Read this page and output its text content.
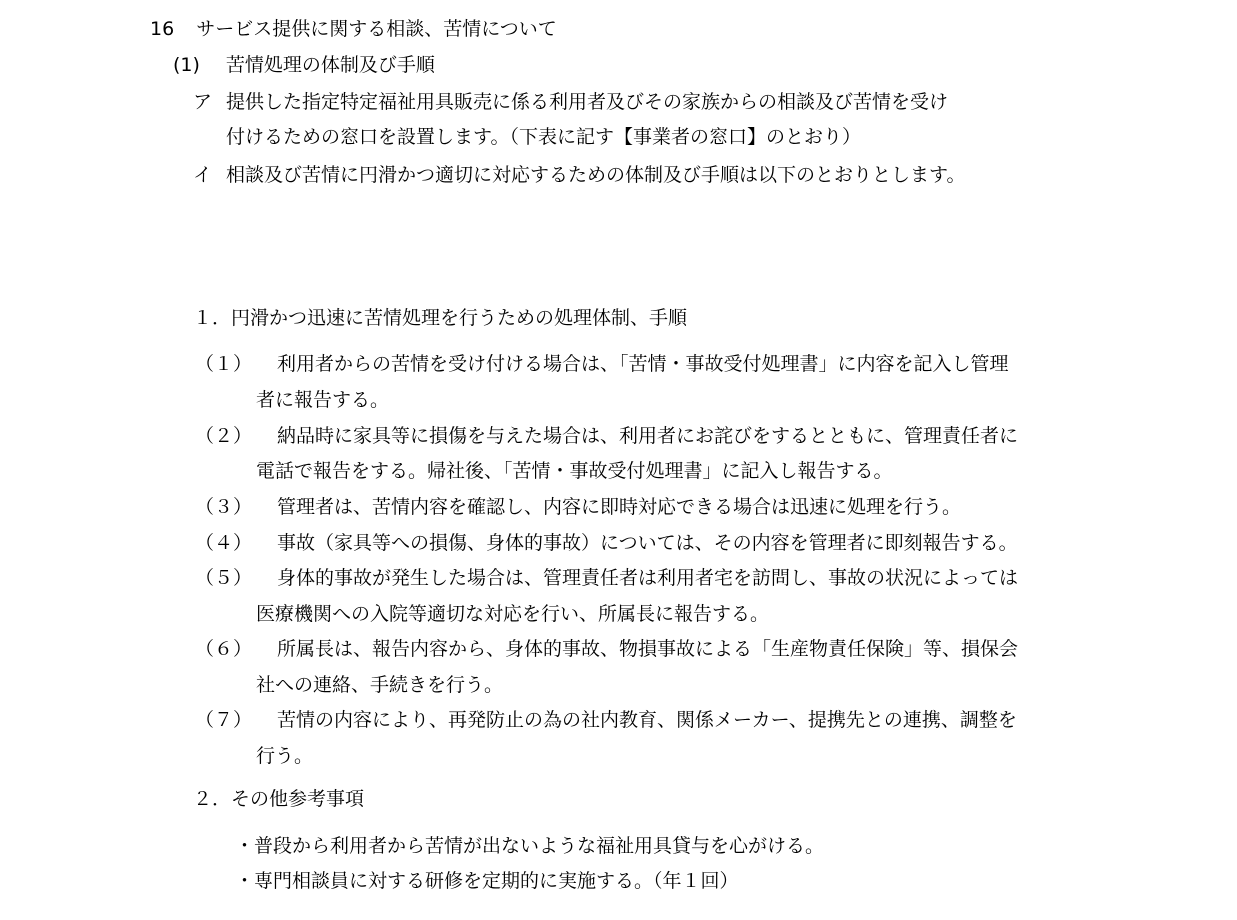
16 サービス提供に関する相談、苦情について
(1) 苦情処理の体制及び手順
ア 提供した指定特定福祉用具販売に係る利用者及びその家族からの相談及び苦情を受け
付けるための窓口を設置します。（下表に記す【事業者の窓口】のとおり）
イ 相談及び苦情に円滑かつ適切に対応するための体制及び手順は以下のとおりとします。
１．円滑かつ迅速に苦情処理を行うための処理体制、手順
（１） 利用者からの苦情を受け付ける場合は、「苦情・事故受付処理書」に内容を記入し管理
者に報告する。
（２） 納品時に家具等に損傷を与えた場合は、利用者にお詫びをするとともに、管理責任者に
電話で報告をする。帰社後、「苦情・事故受付処理書」に記入し報告する。
（３） 管理者は、苦情内容を確認し、内容に即時対応できる場合は迅速に処理を行う。
（４） 事故（家具等への損傷、身体的事故）については、その内容を管理者に即刻報告する。
（５） 身体的事故が発生した場合は、管理責任者は利用者宅を訪問し、事故の状況によっては
医療機関への入院等適切な対応を行い、所属長に報告する。
（６） 所属長は、報告内容から、身体的事故、物損事故による「生産物責任保険」等、損保会
社への連絡、手続きを行う。
（７） 苦情の内容により、再発防止の為の社内教育、関係メーカー、提携先との連携、調整を
行う。
２．その他参考事項
・普段から利用者から苦情が出ないような福祉用具貸与を心がける。
・専門相談員に対する研修を定期的に実施する。（年１回）
